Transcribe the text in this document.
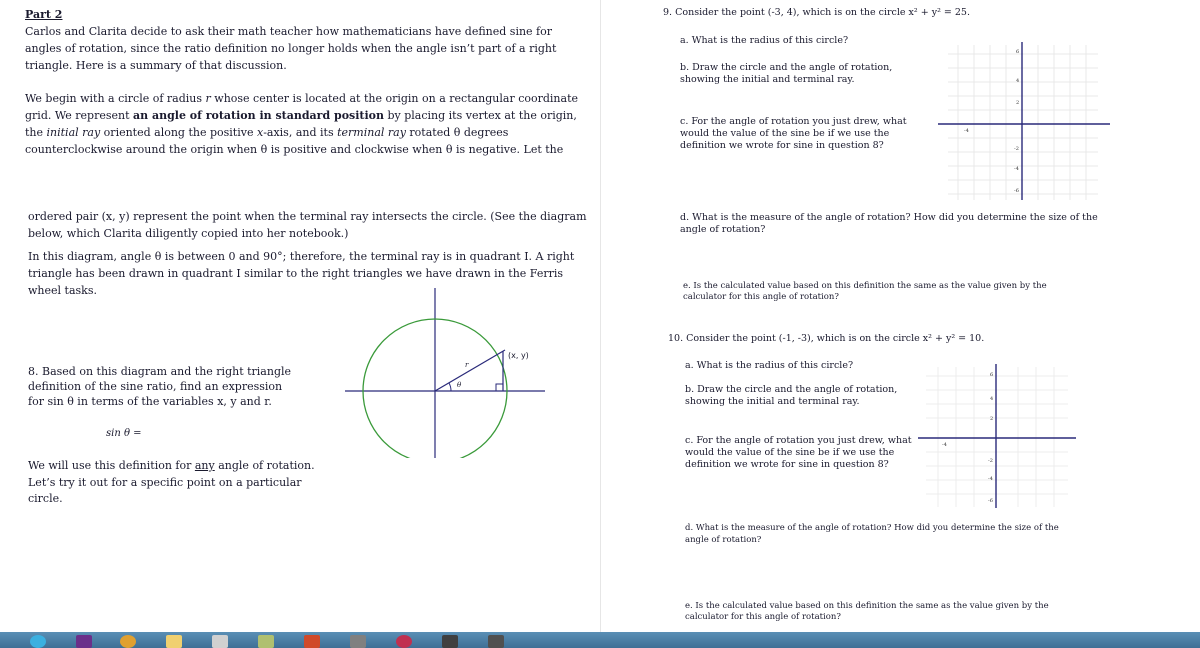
Part 2
Carlos and Clarita decide to ask their math teacher how mathematicians have defined sine for
angles of rotation, since the ratio definition no longer holds when the angle isn’t part of a right
triangle. Here is a summary of that discussion.
We begin with a circle of radius r whose center is located at the origin on a rectangular coordinate
grid. We represent an angle of rotation in standard position by placing its vertex at the origin,
the initial ray oriented along the positive x-axis, and its terminal ray rotated θ degrees
counterclockwise around the origin when θ is positive and clockwise when θ is negative. Let the
ordered pair (x, y) represent the point when the terminal ray intersects the circle. (See the diagram
below, which Clarita diligently copied into her notebook.)
In this diagram, angle θ is between 0 and 90°; therefore, the terminal ray is in quadrant I. A right
triangle has been drawn in quadrant I similar to the right triangles we have drawn in the Ferris
wheel tasks.
8. Based on this diagram and the right triangle
definition of the sine ratio, find an expression
for sin θ in terms of the variables x, y and r.
sin θ =
We will use this definition for any angle of rotation.
Let’s try it out for a specific point on a particular
circle.
(x, y)
r
θ
9. Consider the point (-3, 4), which is on the circle x² + y² = 25.
a. What is the radius of this circle?
b. Draw the circle and the angle of rotation,
showing the initial and terminal ray.
c. For the angle of rotation you just drew, what
would the value of the sine be if we use the
definition we wrote for sine in question 8?
d. What is the measure of the angle of rotation? How did you determine the size of the
angle of rotation?
e. Is the calculated value based on this definition the same as the value given by the
calculator for this angle of rotation?
-4
6
4
2
-2
-4
-6
10. Consider the point (-1, -3), which is on the circle x² + y² = 10.
a. What is the radius of this circle?
b. Draw the circle and the angle of rotation,
showing the initial and terminal ray.
c. For the angle of rotation you just drew, what
would the value of the sine be if we use the
definition we wrote for sine in question 8?
d. What is the measure of the angle of rotation? How did you determine the size of the
angle of rotation?
e. Is the calculated value based on this definition the same as the value given by the
calculator for this angle of rotation?
-4
6
4
2
-2
-4
-6
